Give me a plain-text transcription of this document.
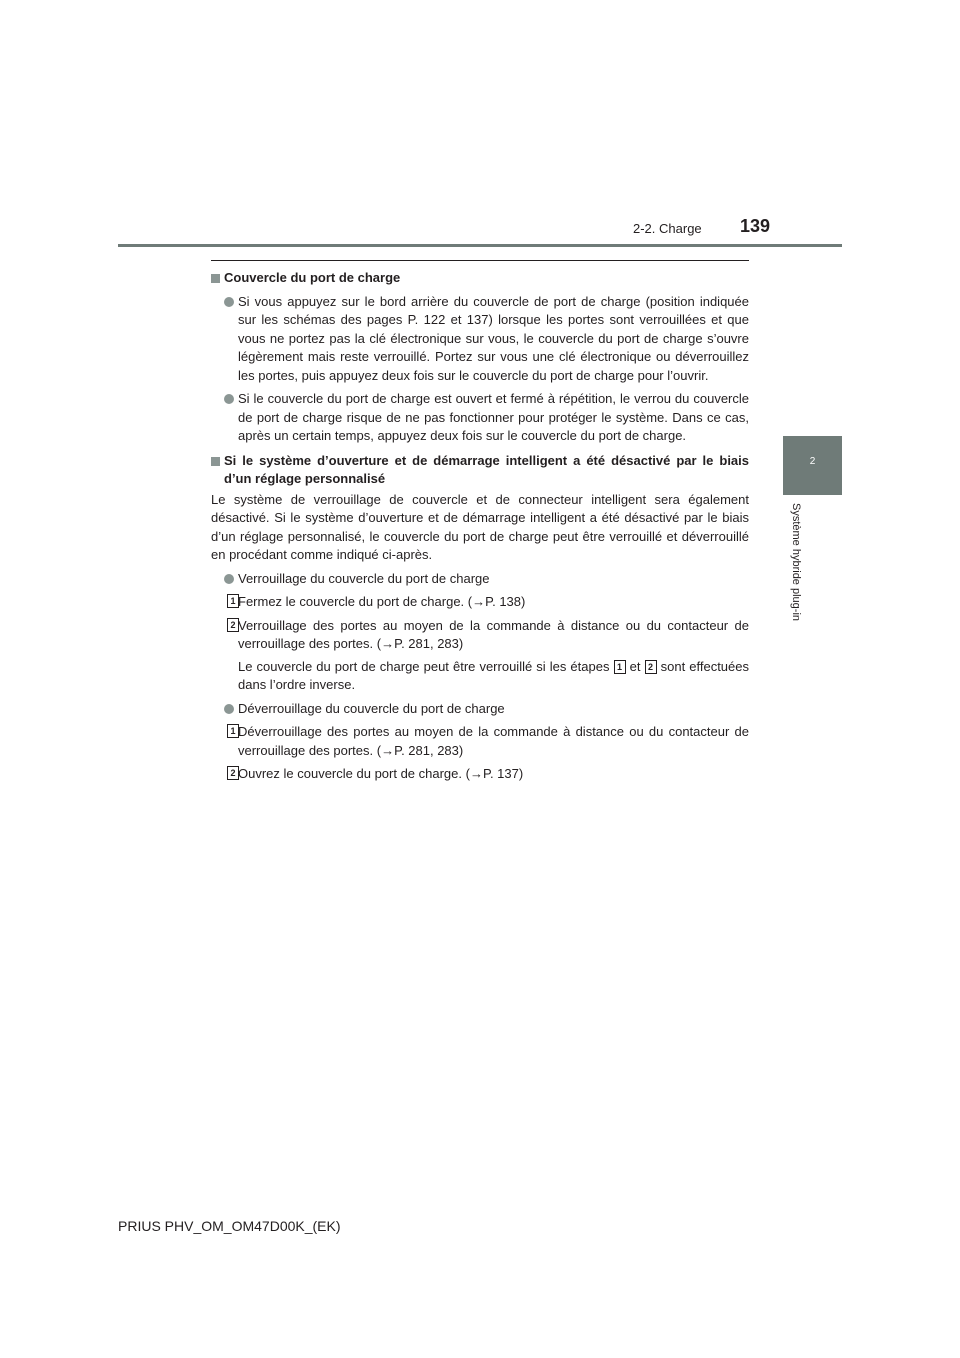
2-2. Charge 139
2
Système hybride plug-in
Couvercle du port de charge
Si vous appuyez sur le bord arrière du couvercle de port de charge (position indiquée sur les schémas des pages P. 122 et 137) lorsque les portes sont verrouillées et que vous ne portez pas la clé électronique sur vous, le couvercle du port de charge s’ouvre légèrement mais reste verrouillé. Portez sur vous une clé électronique ou déverrouillez les portes, puis appuyez deux fois sur le couvercle du port de charge pour l’ouvrir.
Si le couvercle du port de charge est ouvert et fermé à répétition, le verrou du couvercle de port de charge risque de ne pas fonctionner pour protéger le système. Dans ce cas, après un certain temps, appuyez deux fois sur le couvercle du port de charge.
Si le système d’ouverture et de démarrage intelligent a été désactivé par le biais d’un réglage personnalisé
Le système de verrouillage de couvercle et de connecteur intelligent sera également désactivé. Si le système d’ouverture et de démarrage intelligent a été désactivé par le biais d’un réglage personnalisé, le couvercle du port de charge peut être verrouillé et déverrouillé en procédant comme indiqué ci-après.
Verrouillage du couvercle du port de charge
1 Fermez le couvercle du port de charge. (→P. 138)
2 Verrouillage des portes au moyen de la commande à distance ou du contacteur de verrouillage des portes. (→P. 281, 283)
Le couvercle du port de charge peut être verrouillé si les étapes 1 et 2 sont effectuées dans l’ordre inverse.
Déverrouillage du couvercle du port de charge
1 Déverrouillage des portes au moyen de la commande à distance ou du contacteur de verrouillage des portes. (→P. 281, 283)
2 Ouvrez le couvercle du port de charge. (→P. 137)
PRIUS PHV_OM_OM47D00K_(EK)
